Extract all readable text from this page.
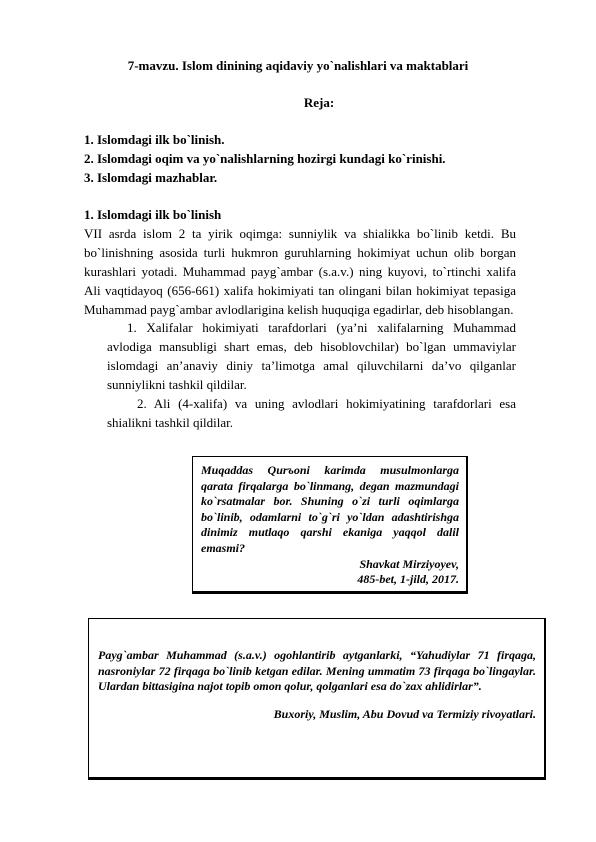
7-mavzu. Islom dinining aqidaviy yo`nalishlari va maktablari
Reja:
1. Islomdagi ilk bo`linish.
2. Islomdagi oqim va yo`nalishlarning hozirgi kundagi ko`rinishi.
3. Islomdagi mazhablar.
1. Islomdagi ilk bo`linish
VII asrda islom 2 ta yirik oqimga: sunniylik va shialikka bo`linib ketdi. Bu bo`linishning asosida turli hukmron guruhlarning hokimiyat uchun olib borgan kurashlari yotadi. Muhammad payg`ambar (s.a.v.) ning kuyovi, to`rtinchi xalifa Ali vaqtidayoq (656-661) xalifa hokimiyati tan olingani bilan hokimiyat tepasiga Muhammad payg`ambar avlodlarigina kelish huquqiga egadirlar, deb hisoblangan.
1. Xalifalar hokimiyati tarafdorlari (ya’ni xalifalarning Muhammad avlodiga mansubligi shart emas, deb hisoblovchilar) bo`lgan ummaviylar islomdagi an’anaviy diniy ta’limotga amal qiluvchilarni da’vo qilganlar sunniylikni tashkil qildilar.
2. Ali (4-xalifa) va uning avlodlari hokimiyatining tarafdorlari esa shialikni tashkil qildilar.
Muqaddas Qurъoni karimda musulmonlarga qarata firqalarga bo`linmang, degan mazmundagi ko`rsatmalar bor. Shuning o`zi turli oqimlarga bo`linib, odamlarni to`g`ri yo`ldan adashtirishga dinimiz mutlaqo qarshi ekaniga yaqqol dalil emasmi?
Shavkat Mirziyoyev,
485-bet, 1-jild, 2017.
Payg`ambar Muhammad (s.a.v.) ogohlantirib aytganlarki, “Yahudiylar 71 firqaga, nasroniylar 72 firqaga bo`linib ketgan edilar. Mening ummatim 73 firqaga bo`lingaylar. Ulardan bittasigina najot topib omon qolur, qolganlari esa do`zax ahlidirlar”.
Buxoriy, Muslim, Abu Dovud va Termiziy rivoyatlari.
